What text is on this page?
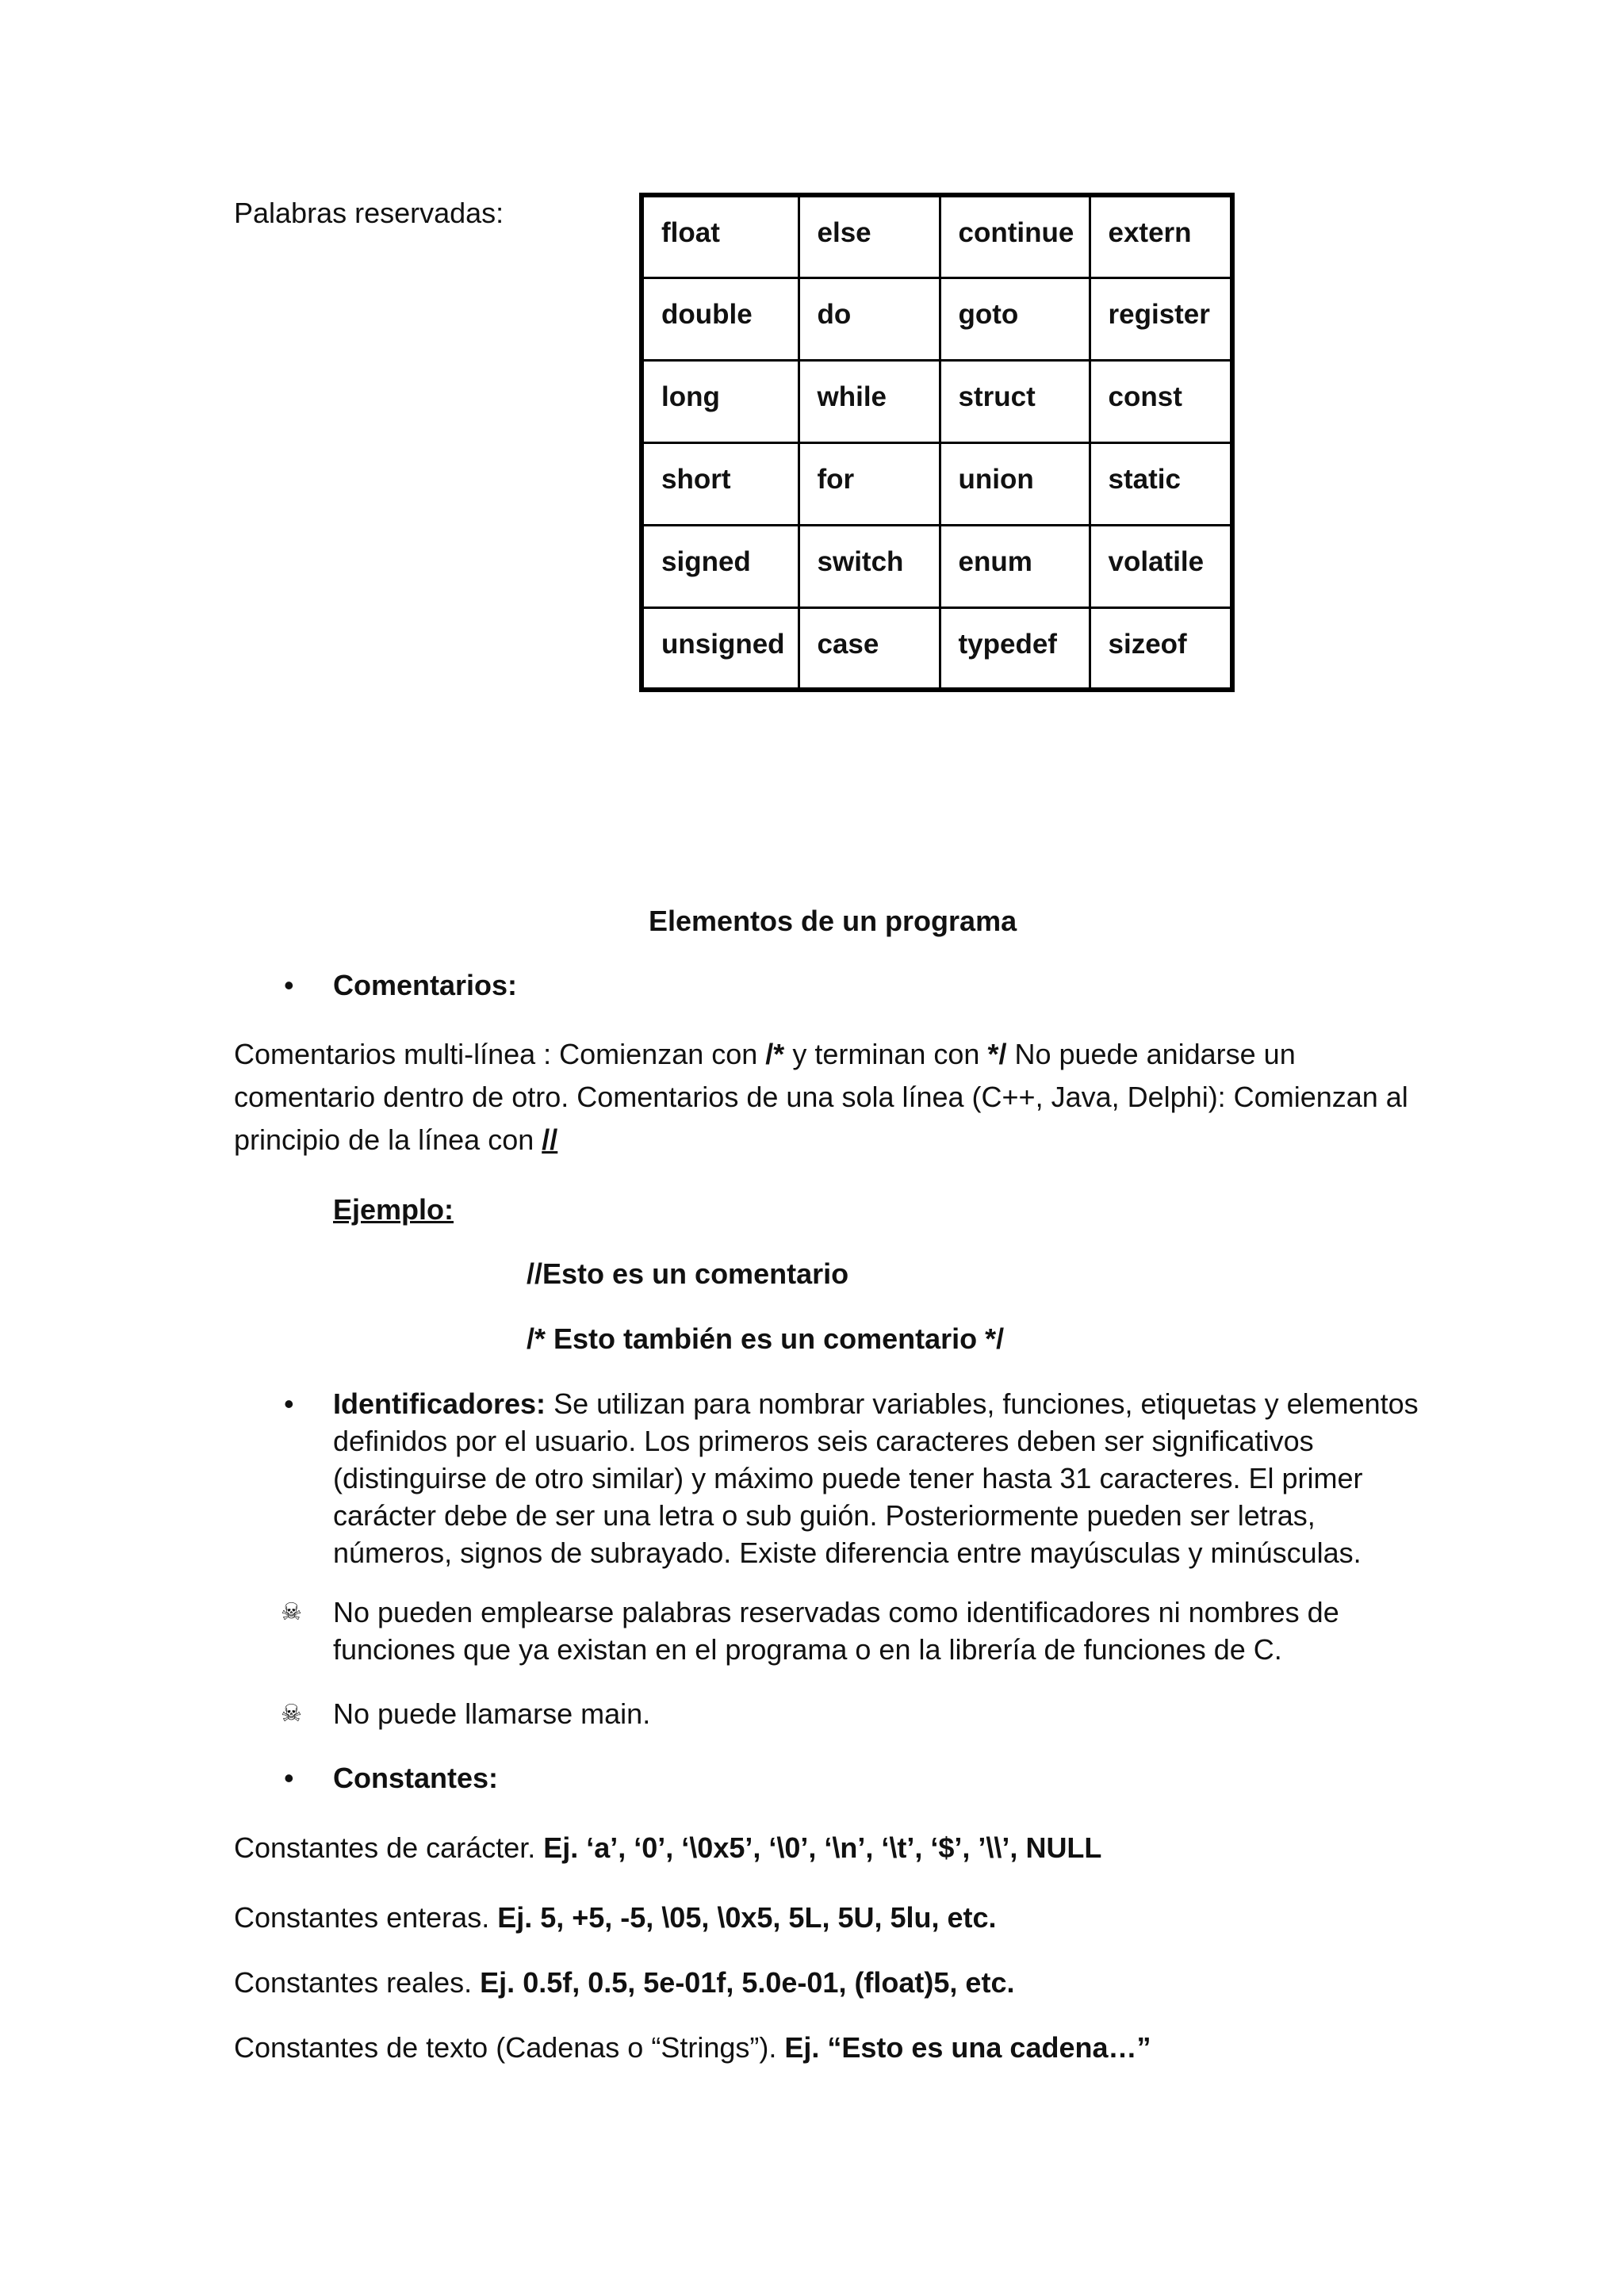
Palabras reservadas:
float	else	continue	extern
double	do	goto	register
long	while	struct	const
short	for	union	static
signed	switch	enum	volatile
unsigned	case	typedef	sizeof
Elementos de un programa
• Comentarios:
Comentarios multi-línea : Comienzan con /* y terminan con */ No puede anidarse un
comentario dentro de otro. Comentarios de una sola línea (C++, Java, Delphi): Comienzan al
principio de la línea con //
Ejemplo:
//Esto es un comentario
/* Esto también es un comentario */
• Identificadores: Se utilizan para nombrar variables, funciones, etiquetas y elementos
definidos por el usuario. Los primeros seis caracteres deben ser significativos
(distinguirse de otro similar) y máximo puede tener hasta 31 caracteres. El primer
carácter debe de ser una letra o sub guión. Posteriormente pueden ser letras,
números, signos de subrayado. Existe diferencia entre mayúsculas y minúsculas.
☠ No pueden emplearse palabras reservadas como identificadores ni nombres de
funciones que ya existan en el programa o en la librería de funciones de C.
☠ No puede llamarse main.
• Constantes:
Constantes de carácter. Ej. ‘a’, ‘0’, ‘\0x5’, ‘\0’, ‘\n’, ‘\t’, ‘$’, ’\\’, NULL
Constantes enteras. Ej. 5, +5, -5, \05, \0x5, 5L, 5U, 5lu, etc.
Constantes reales. Ej. 0.5f, 0.5, 5e-01f, 5.0e-01, (float)5, etc.
Constantes de texto (Cadenas o “Strings”). Ej. “Esto es una cadena…”
